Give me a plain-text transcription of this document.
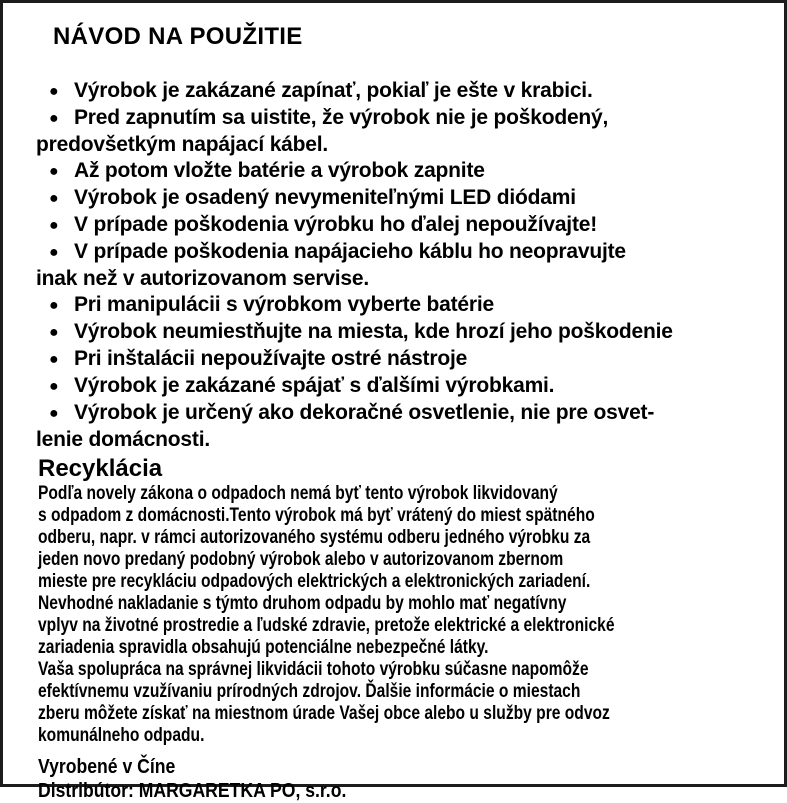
NÁVOD NA POUŽITIE
● Výrobok je zakázané zapínať, pokiaľ je ešte v krabici.
● Pred zapnutím sa uistite, že výrobok nie je poškodený,
predovšetkým napájací kábel.
● Až potom vložte batérie a výrobok zapnite
● Výrobok je osadený nevymeniteľnými LED diódami
● V prípade poškodenia výrobku ho ďalej nepoužívajte!
● V prípade poškodenia napájacieho káblu ho neopravujte
inak než v autorizovanom servise.
● Pri manipulácii s výrobkom vyberte batérie
● Výrobok neumiestňujte na miesta, kde hrozí jeho poškodenie
● Pri inštalácii nepoužívajte ostré nástroje
● Výrobok je zakázané spájať s ďalšími výrobkami.
● Výrobok je určený ako dekoračné osvetlenie, nie pre osvet-
lenie domácnosti.
Recyklácia
Podľa novely zákona o odpadoch nemá byť tento výrobok likvidovaný
s odpadom z domácnosti.Tento výrobok má byť vrátený do miest spätného
odberu, napr. v rámci autorizovaného systému odberu jedného výrobku za
jeden novo predaný podobný výrobok alebo v autorizovanom zbernom
mieste pre recykláciu odpadových elektrických a elektronických zariadení.
Nevhodné nakladanie s týmto druhom odpadu by mohlo mať negatívny
vplyv na životné prostredie a ľudské zdravie, pretože elektrické a elektronické
zariadenia spravidla obsahujú potenciálne nebezpečné látky.
Vaša spolupráca na správnej likvidácii tohoto výrobku súčasne napomôže
efektívnemu vzužívaniu prírodných zdrojov. Ďalšie informácie o miestach
zberu môžete získať na miestnom úrade Vašej obce alebo u služby pre odvoz
komunálneho odpadu.
Vyrobené v Číne
Distribútor: MARGARETKA PO, s.r.o.
